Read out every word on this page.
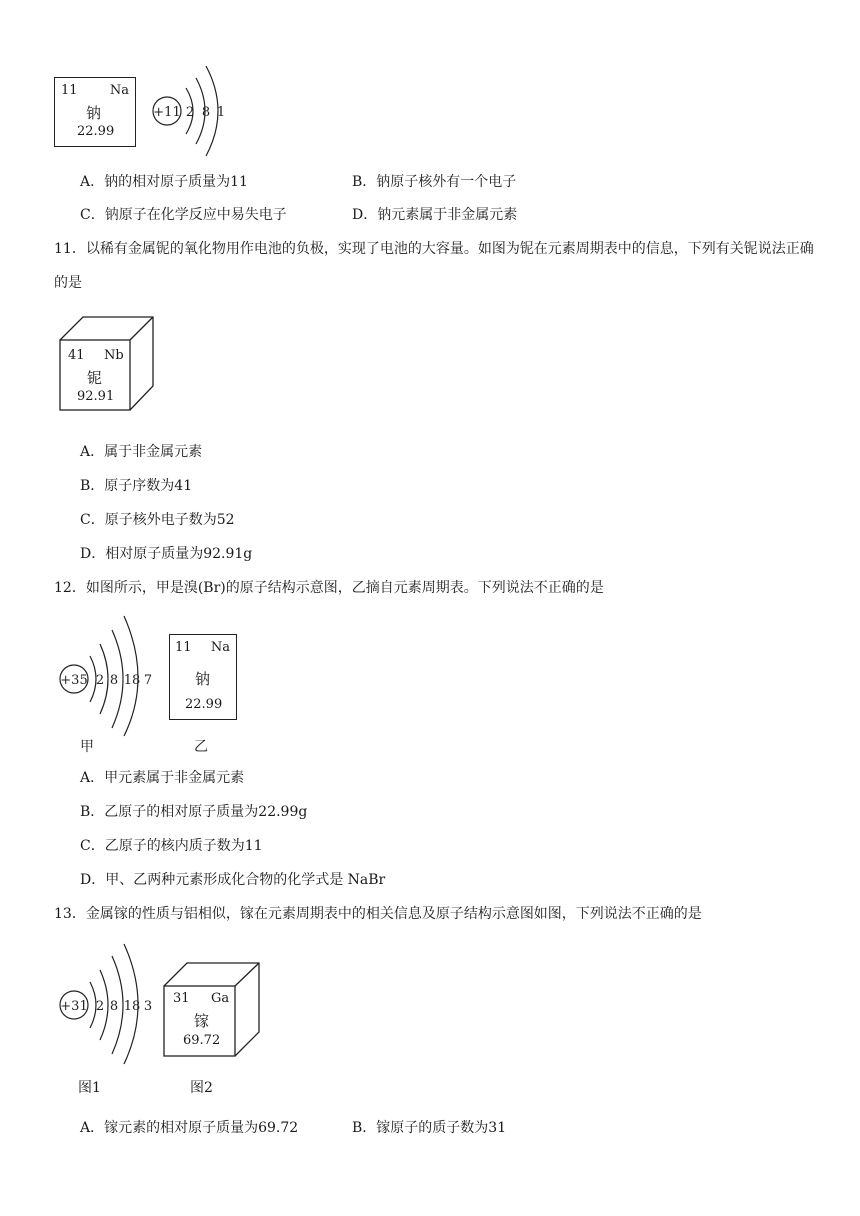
11 Na
钠
22.99
+11 2 8 1
A．钠的相对原子质量为11	B．钠原子核外有一个电子
C．钠原子在化学反应中易失电子	D．钠元素属于非金属元素
11．以稀有金属铌的氧化物用作电池的负极，实现了电池的大容量。如图为铌在元素周期表中的信息，下列有关铌说法正确的是
41 Nb
铌
92.91
A．属于非金属元素
B．原子序数为41
C．原子核外电子数为52
D．相对原子质量为92.91g
12．如图所示，甲是溴(Br)的原子结构示意图，乙摘自元素周期表。下列说法不正确的是
+35 2 8 18 7
11 Na
钠
22.99
甲	乙
A．甲元素属于非金属元素
B．乙原子的相对原子质量为22.99g
C．乙原子的核内质子数为11
D．甲、乙两种元素形成化合物的化学式是 NaBr
13．金属镓的性质与铝相似，镓在元素周期表中的相关信息及原子结构示意图如图，下列说法不正确的是
+31 2 8 18 3
31 Ga
镓
69.72
图1	图2
A．镓元素的相对原子质量为69.72	B．镓原子的质子数为31
